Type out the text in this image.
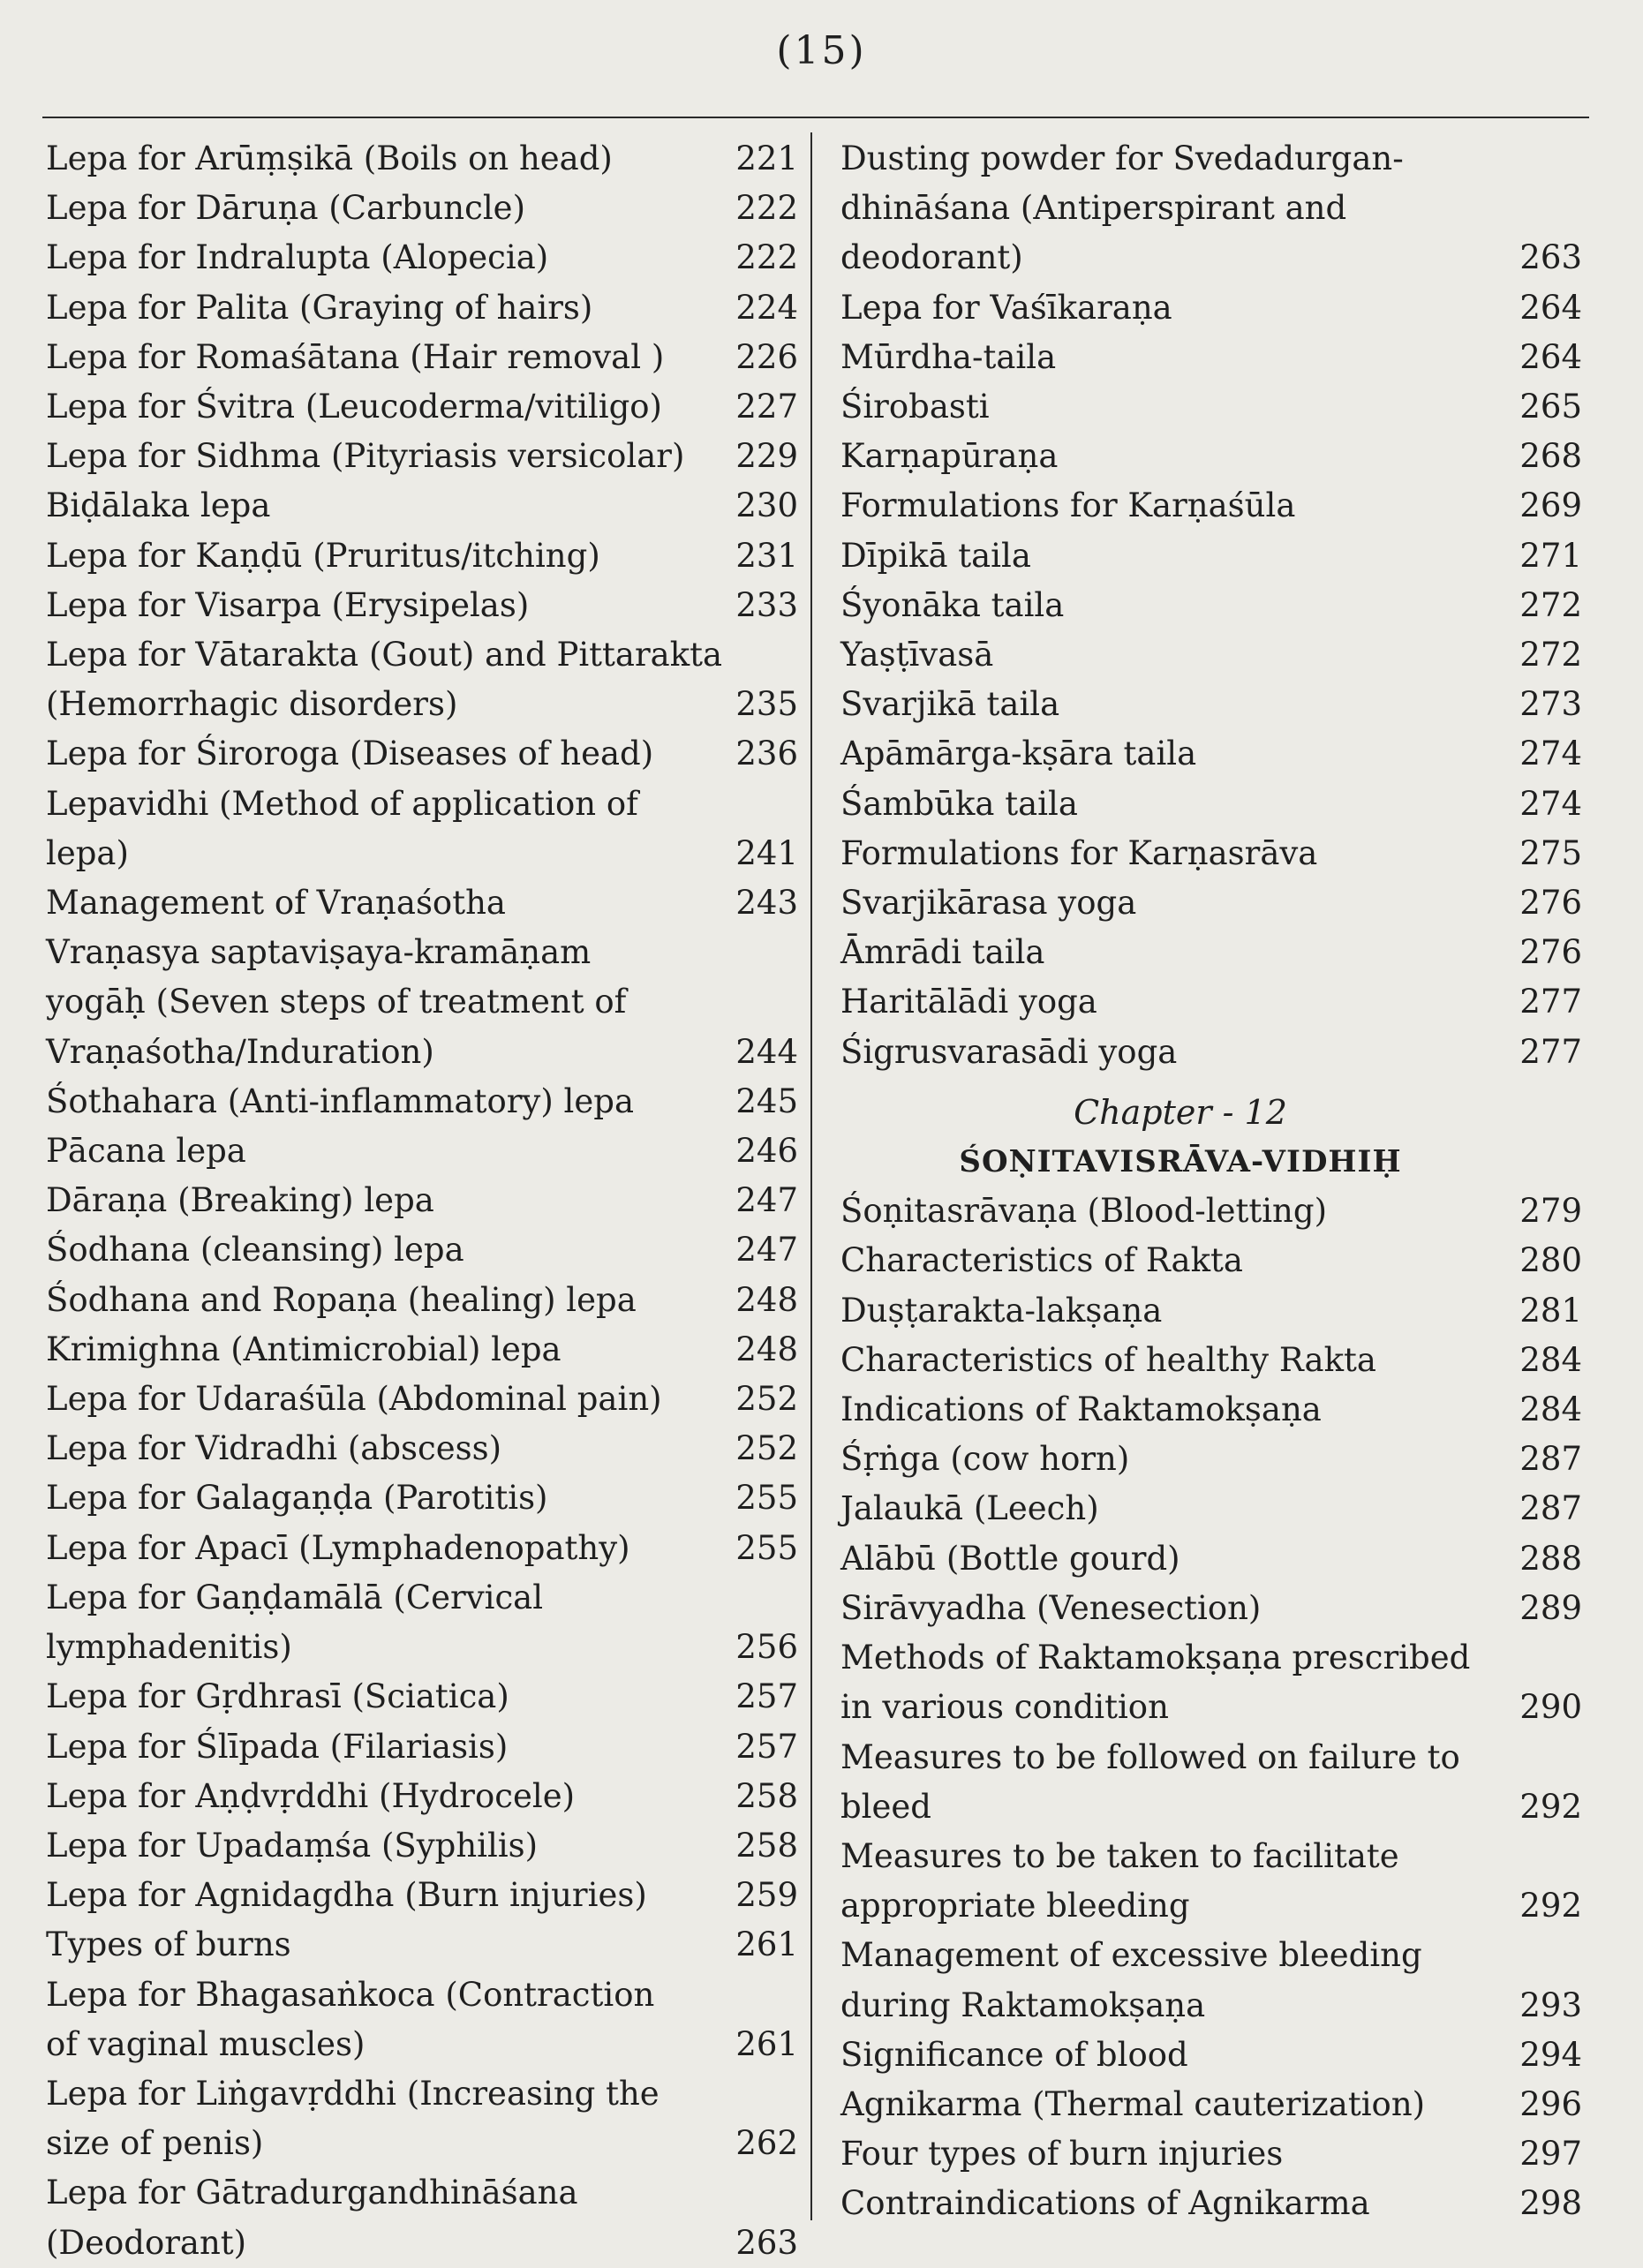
(15)
Lepa for Arūṃṣikā (Boils on head)	221
Lepa for Dāruṇa (Carbuncle)	222
Lepa for Indralupta (Alopecia)	222
Lepa for Palita (Graying of hairs)	224
Lepa for Romaśātana (Hair removal )	226
Lepa for Śvitra (Leucoderma/vitiligo)	227
Lepa for Sidhma (Pityriasis versicolar)	229
Biḍālaka lepa	230
Lepa for Kaṇḍū (Pruritus/itching)	231
Lepa for Visarpa (Erysipelas)	233
Lepa for Vātarakta (Gout) and Pittarakta
(Hemorrhagic disorders)	235
Lepa for Śiroroga (Diseases of head)	236
Lepavidhi (Method of application of lepa)	241
Management of Vraṇaśotha	243
Vraṇasya saptaviṣaya-kramāṇam
yogāḥ (Seven steps of treatment of
Vraṇaśotha/Induration)	244
Śothahara (Anti-inflammatory) lepa	245
Pācana lepa	246
Dāraṇa (Breaking) lepa	247
Śodhana (cleansing) lepa	247
Śodhana and Ropaṇa (healing) lepa	248
Krimighna (Antimicrobial) lepa	248
Lepa for Udaraśūla (Abdominal pain)	252
Lepa for Vidradhi (abscess)	252
Lepa for Galagaṇḍa (Parotitis)	255
Lepa for Apacī (Lymphadenopathy)	255
Lepa for Gaṇḍamālā (Cervical
lymphadenitis)	256
Lepa for Gṛdhrasī (Sciatica)	257
Lepa for Ślīpada (Filariasis)	257
Lepa for Aṇḍvṛddhi (Hydrocele)	258
Lepa for Upadaṃśa (Syphilis)	258
Lepa for Agnidagdha (Burn injuries)	259
Types of burns	261
Lepa for Bhagasaṅkoca (Contraction
of vaginal muscles)	261
Lepa for Liṅgavṛddhi (Increasing the
size of penis)	262
Lepa for Gātradurgandhināśana
(Deodorant)	263
Dusting powder for Svedadurgan-
dhināśana (Antiperspirant and
deodorant)	263
Lepa for Vaśīkaraṇa	264
Mūrdha-taila	264
Śirobasti	265
Karṇapūraṇa	268
Formulations for Karṇaśūla	269
Dīpikā taila	271
Śyonāka taila	272
Yaṣṭīvasā	272
Svarjikā taila	273
Apāmārga-kṣāra taila	274
Śambūka taila	274
Formulations for Karṇasrāva	275
Svarjikārasa yoga	276
Āmrādi taila	276
Haritālādi yoga	277
Śigrusvarasādi yoga	277
Chapter - 12
ŚOṆITAVISRĀVA-VIDHIḤ
Śoṇitasrāvaṇa (Blood-letting)	279
Characteristics of Rakta	280
Duṣṭarakta-lakṣaṇa	281
Characteristics of healthy Rakta	284
Indications of Raktamokṣaṇa	284
Śṛṅga (cow horn)	287
Jalaukā (Leech)	287
Alābū (Bottle gourd)	288
Sirāvyadha (Venesection)	289
Methods of Raktamokṣaṇa prescribed
in various condition	290
Measures to be followed on failure to bleed	292
Measures to be taken to facilitate
appropriate bleeding	292
Management of excessive bleeding
during Raktamokṣaṇa	293
Significance of blood	294
Agnikarma (Thermal cauterization)	296
Four types of burn injuries	297
Contraindications of Agnikarma	298
